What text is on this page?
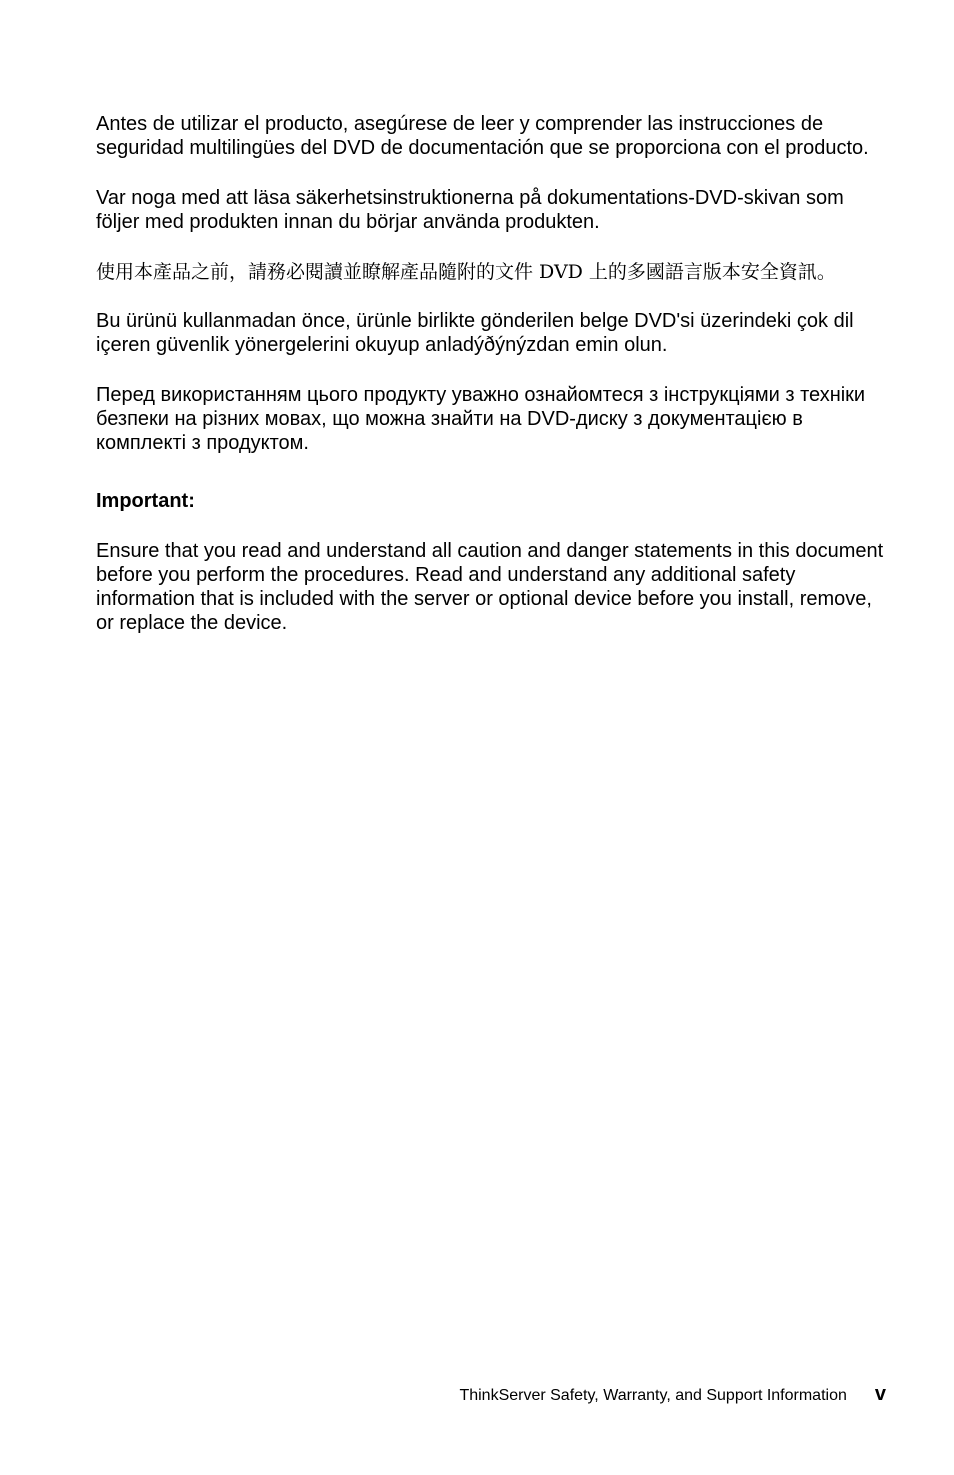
Antes de utilizar el producto, asegúrese de leer y comprender las instrucciones de seguridad multilingües del DVD de documentación que se proporciona con el producto.

Var noga med att läsa säkerhetsinstruktionerna på dokumentations-DVD-skivan som följer med produkten innan du börjar använda produkten.

使用本產品之前，請務必閱讀並瞭解產品隨附的文件 DVD 上的多國語言版本安全資訊。

Bu ürünü kullanmadan önce, ürünle birlikte gönderilen belge DVD'si üzerindeki çok dil içeren güvenlik yönergelerini okuyup anladýðýnýzdan emin olun.

Перед використанням цього продукту уважно ознайомтеся з інструкціями з техніки безпеки на різних мовах, що можна знайти на DVD-диску з документацією в комплекті з продуктом.

Important:

Ensure that you read and understand all caution and danger statements in this document before you perform the procedures. Read and understand any additional safety information that is included with the server or optional device before you install, remove, or replace the device.

ThinkServer Safety, Warranty, and Support Information v
